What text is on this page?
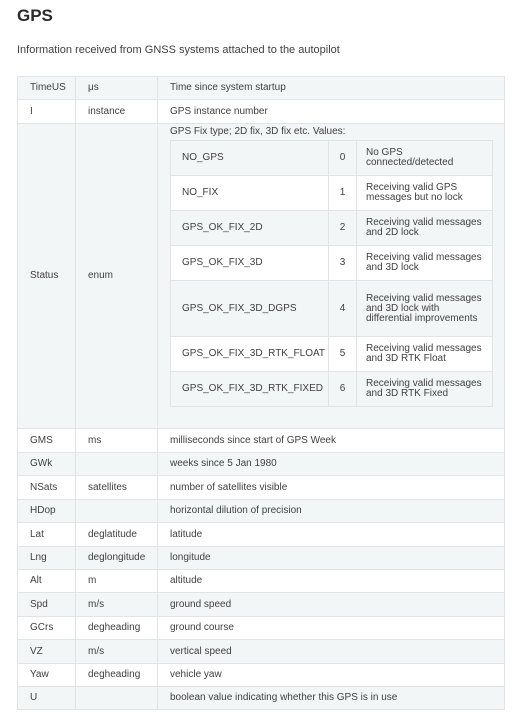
GPS

Information received from GNSS systems attached to the autopilot

TimeUS	μs	Time since system startup
I	instance	GPS instance number
Status	enum	
GPS Fix type; 2D fix, 3D fix etc. Values:
NO_GPS	0	No GPS connected/detected
NO_FIX	1	Receiving valid GPS messages but no lock
GPS_OK_FIX_2D	2	Receiving valid messages and 2D lock
GPS_OK_FIX_3D	3	Receiving valid messages and 3D lock
GPS_OK_FIX_3D_DGPS	4	Receiving valid messages and 3D lock with differential improvements
GPS_OK_FIX_3D_RTK_FLOAT	5	Receiving valid messages and 3D RTK Float
GPS_OK_FIX_3D_RTK_FIXED	6	Receiving valid messages and 3D RTK Fixed

GMS	ms	milliseconds since start of GPS Week
GWk		weeks since 5 Jan 1980
NSats	satellites	number of satellites visible
HDop		horizontal dilution of precision
Lat	deglatitude	latitude
Lng	deglongitude	longitude
Alt	m	altitude
Spd	m/s	ground speed
GCrs	degheading	ground course
VZ	m/s	vertical speed
Yaw	degheading	vehicle yaw
U		boolean value indicating whether this GPS is in use
